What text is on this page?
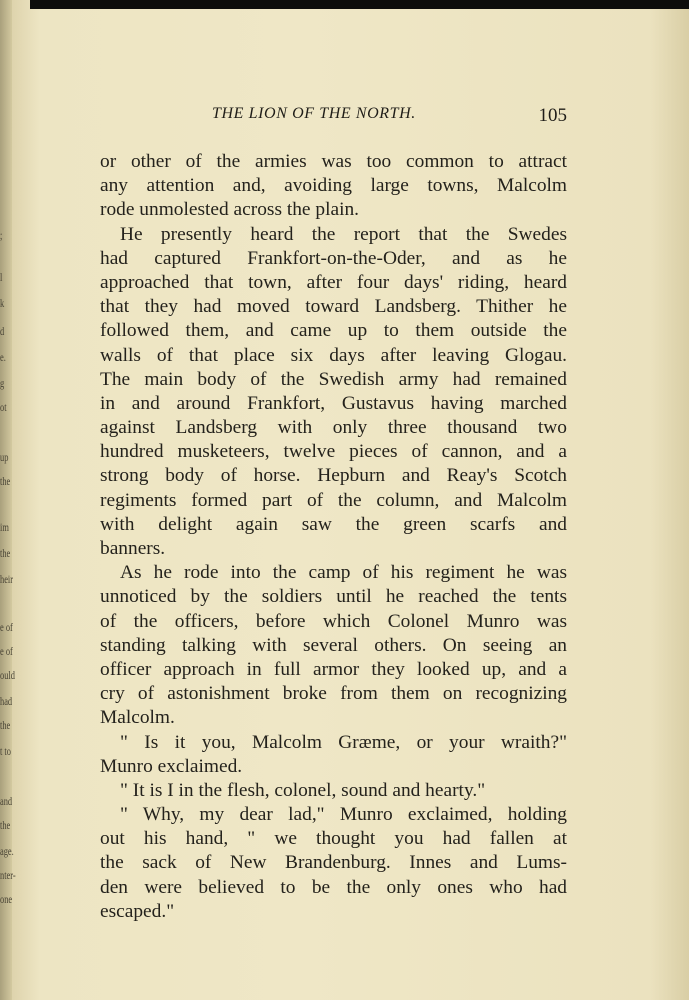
;
l
k
d
e.
g
ot
up
the
im
the
heir
e of
e of
ould
had
the
t to
and
the
age.
nter-
one
THE LION OF THE NORTH.	105
or other of the armies was too common to attract
any attention and, avoiding large towns, Malcolm
rode unmolested across the plain.
He presently heard the report that the Swedes
had captured Frankfort-on-the-Oder, and as he
approached that town, after four days' riding, heard
that they had moved toward Landsberg. Thither he
followed them, and came up to them outside the
walls of that place six days after leaving Glogau.
The main body of the Swedish army had remained
in and around Frankfort, Gustavus having marched
against Landsberg with only three thousand two
hundred musketeers, twelve pieces of cannon, and a
strong body of horse. Hepburn and Reay's Scotch
regiments formed part of the column, and Malcolm
with delight again saw the green scarfs and
banners.
As he rode into the camp of his regiment he was
unnoticed by the soldiers until he reached the tents
of the officers, before which Colonel Munro was
standing talking with several others. On seeing an
officer approach in full armor they looked up, and a
cry of astonishment broke from them on recognizing
Malcolm.
" Is it you, Malcolm Græme, or your wraith?"
Munro exclaimed.
" It is I in the flesh, colonel, sound and hearty."
" Why, my dear lad," Munro exclaimed, holding
out his hand, " we thought you had fallen at
the sack of New Brandenburg. Innes and Lums-
den were believed to be the only ones who had
escaped."
